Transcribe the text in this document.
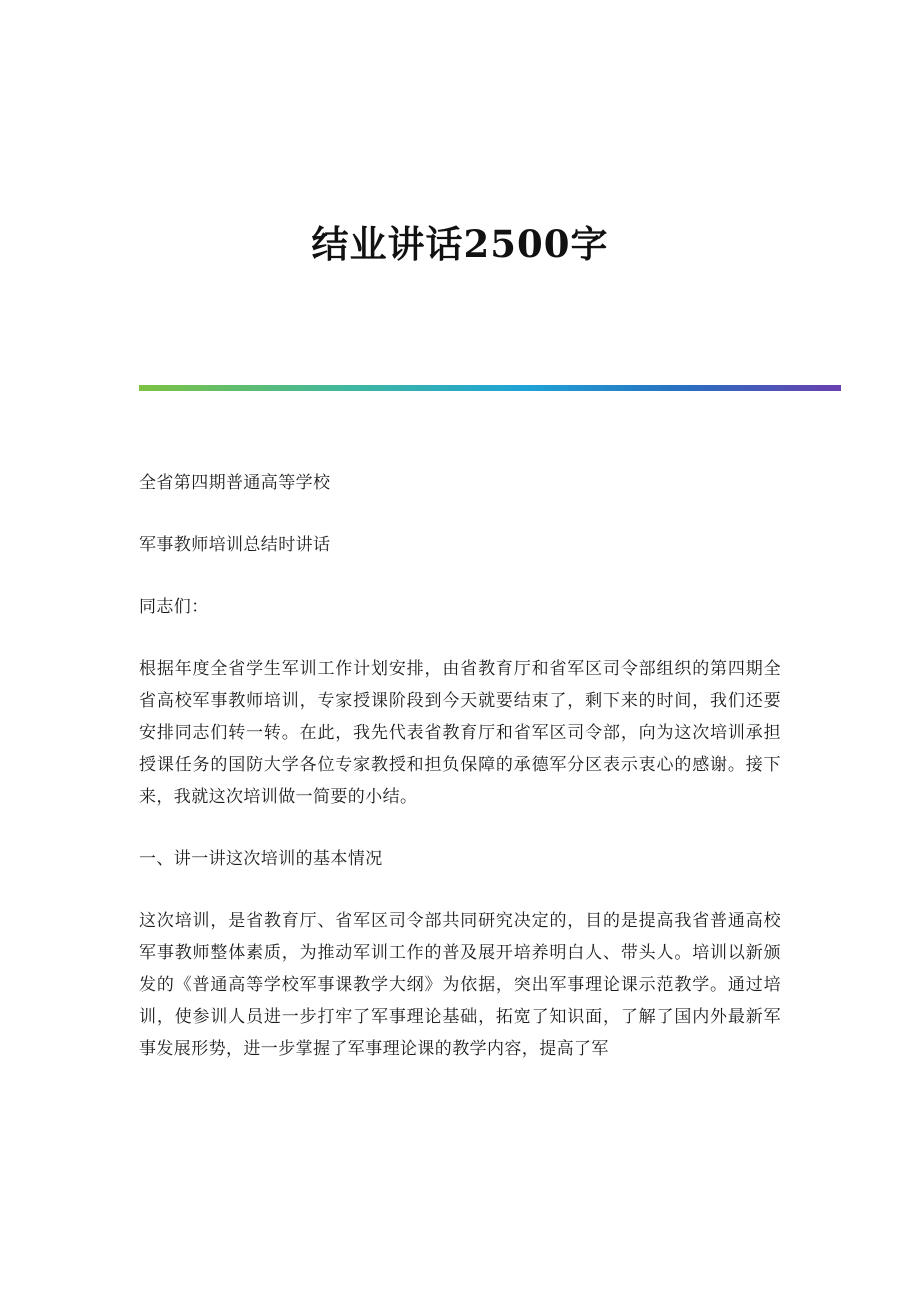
结业讲话2500字

全省第四期普通高等学校

军事教师培训总结时讲话

同志们：

根据年度全省学生军训工作计划安排，由省教育厅和省军区司令部组织的第四期全省高校军事教师培训，专家授课阶段到今天就要结束了，剩下来的时间，我们还要安排同志们转一转。在此，我先代表省教育厅和省军区司令部，向为这次培训承担授课任务的国防大学各位专家教授和担负保障的承德军分区表示衷心的感谢。接下来，我就这次培训做一简要的小结。

一、讲一讲这次培训的基本情况

这次培训，是省教育厅、省军区司令部共同研究决定的，目的是提高我省普通高校军事教师整体素质，为推动军训工作的普及展开培养明白人、带头人。培训以新颁发的《普通高等学校军事课教学大纲》为依据，突出军事理论课示范教学。通过培训，使参训人员进一步打牢了军事理论基础，拓宽了知识面，了解了国内外最新军事发展形势，进一步掌握了军事理论课的教学内容，提高了军
